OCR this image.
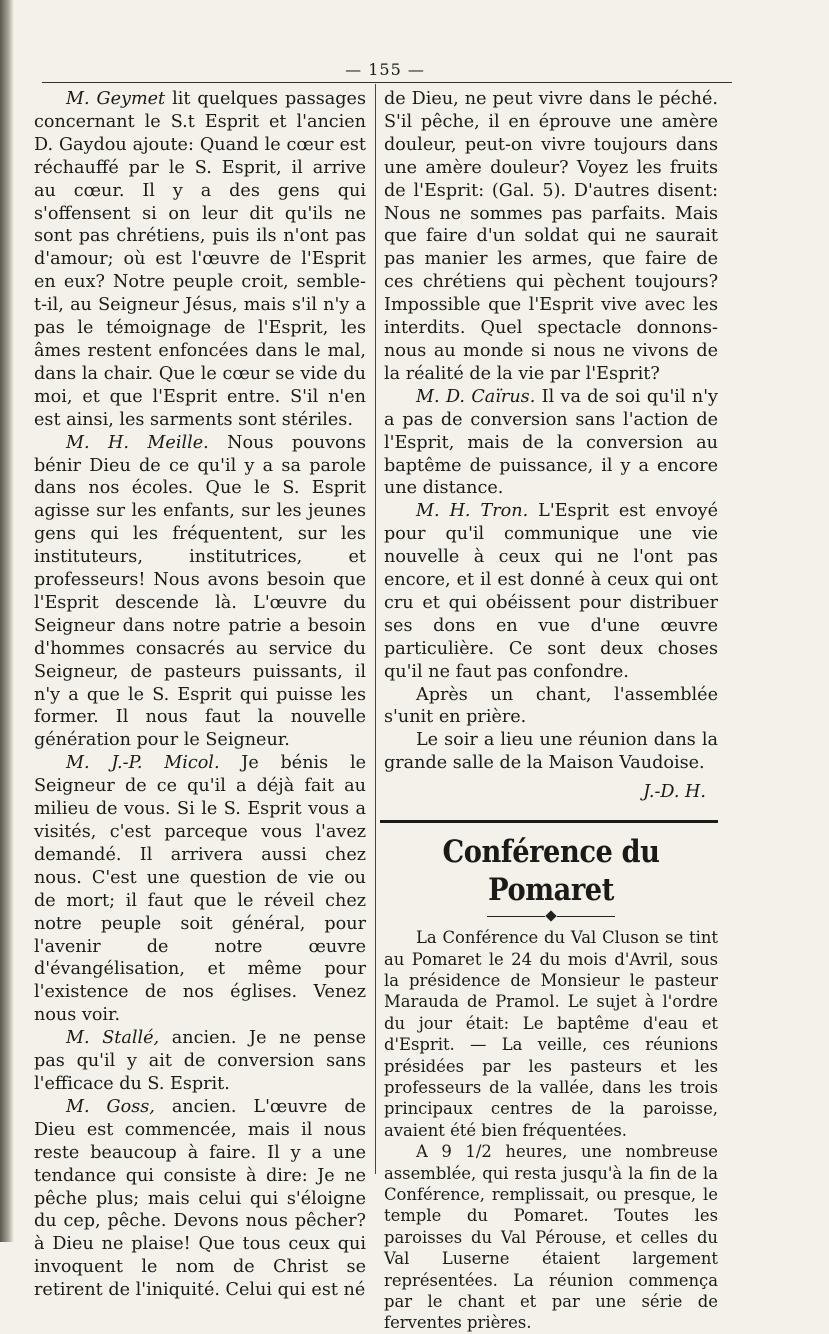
— 155 —

M. Geymet lit quelques passages concernant le S.t Esprit et l'ancien D. Gaydou ajoute: Quand le cœur est réchauffé par le S. Esprit, il arrive au cœur. Il y a des gens qui s'offensent si on leur dit qu'ils ne sont pas chrétiens, puis ils n'ont pas d'amour; où est l'œuvre de l'Esprit en eux? Notre peuple croit, semble-t-il, au Seigneur Jésus, mais s'il n'y a pas le témoignage de l'Esprit, les âmes restent enfoncées dans le mal, dans la chair. Que le cœur se vide du moi, et que l'Esprit entre. S'il n'en est ainsi, les sarments sont stériles.

M. H. Meille. Nous pouvons bénir Dieu de ce qu'il y a sa parole dans nos écoles. Que le S. Esprit agisse sur les enfants, sur les jeunes gens qui les fréquentent, sur les instituteurs, institutrices, et professeurs! Nous avons besoin que l'Esprit descende là. L'œuvre du Seigneur dans notre patrie a besoin d'hommes consacrés au service du Seigneur, de pasteurs puissants, il n'y a que le S. Esprit qui puisse les former. Il nous faut la nouvelle génération pour le Seigneur.

M. J.-P. Micol. Je bénis le Seigneur de ce qu'il a déjà fait au milieu de vous. Si le S. Esprit vous a visités, c'est parceque vous l'avez demandé. Il arrivera aussi chez nous. C'est une question de vie ou de mort; il faut que le réveil chez notre peuple soit général, pour l'avenir de notre œuvre d'évangélisation, et même pour l'existence de nos églises. Venez nous voir.

M. Stallé, ancien. Je ne pense pas qu'il y ait de conversion sans l'efficace du S. Esprit.

M. Goss, ancien. L'œuvre de Dieu est commencée, mais il nous reste beaucoup à faire. Il y a une tendance qui consiste à dire: Je ne pêche plus; mais celui qui s'éloigne du cep, pêche. Devons nous pêcher? à Dieu ne plaise! Que tous ceux qui invoquent le nom de Christ se retirent de l'iniquité. Celui qui est né

de Dieu, ne peut vivre dans le péché. S'il pêche, il en éprouve une amère douleur, peut-on vivre toujours dans une amère douleur? Voyez les fruits de l'Esprit: (Gal. 5). D'autres disent: Nous ne sommes pas parfaits. Mais que faire d'un soldat qui ne saurait pas manier les armes, que faire de ces chrétiens qui pèchent toujours? Impossible que l'Esprit vive avec les interdits. Quel spectacle donnons-nous au monde si nous ne vivons de la réalité de la vie par l'Esprit?

M. D. Caïrus. Il va de soi qu'il n'y a pas de conversion sans l'action de l'Esprit, mais de la conversion au baptême de puissance, il y a encore une distance.

M. H. Tron. L'Esprit est envoyé pour qu'il communique une vie nouvelle à ceux qui ne l'ont pas encore, et il est donné à ceux qui ont cru et qui obéissent pour distribuer ses dons en vue d'une œuvre particulière. Ce sont deux choses qu'il ne faut pas confondre.

Après un chant, l'assemblée s'unit en prière.

Le soir a lieu une réunion dans la grande salle de la Maison Vaudoise.

J.-D. H.
Conférence du Pomaret

La Conférence du Val Cluson se tint au Pomaret le 24 du mois d'Avril, sous la présidence de Monsieur le pasteur Marauda de Pramol. Le sujet à l'ordre du jour était: Le baptême d'eau et d'Esprit. — La veille, ces réunions présidées par les pasteurs et les professeurs de la vallée, dans les trois principaux centres de la paroisse, avaient été bien fréquentées.

A 9 1/2 heures, une nombreuse assemblée, qui resta jusqu'à la fin de la Conférence, remplissait, ou presque, le temple du Pomaret. Toutes les paroisses du Val Pérouse, et celles du Val Luserne étaient largement représentées. La réunion commença par le chant et par une série de ferventes prières.
